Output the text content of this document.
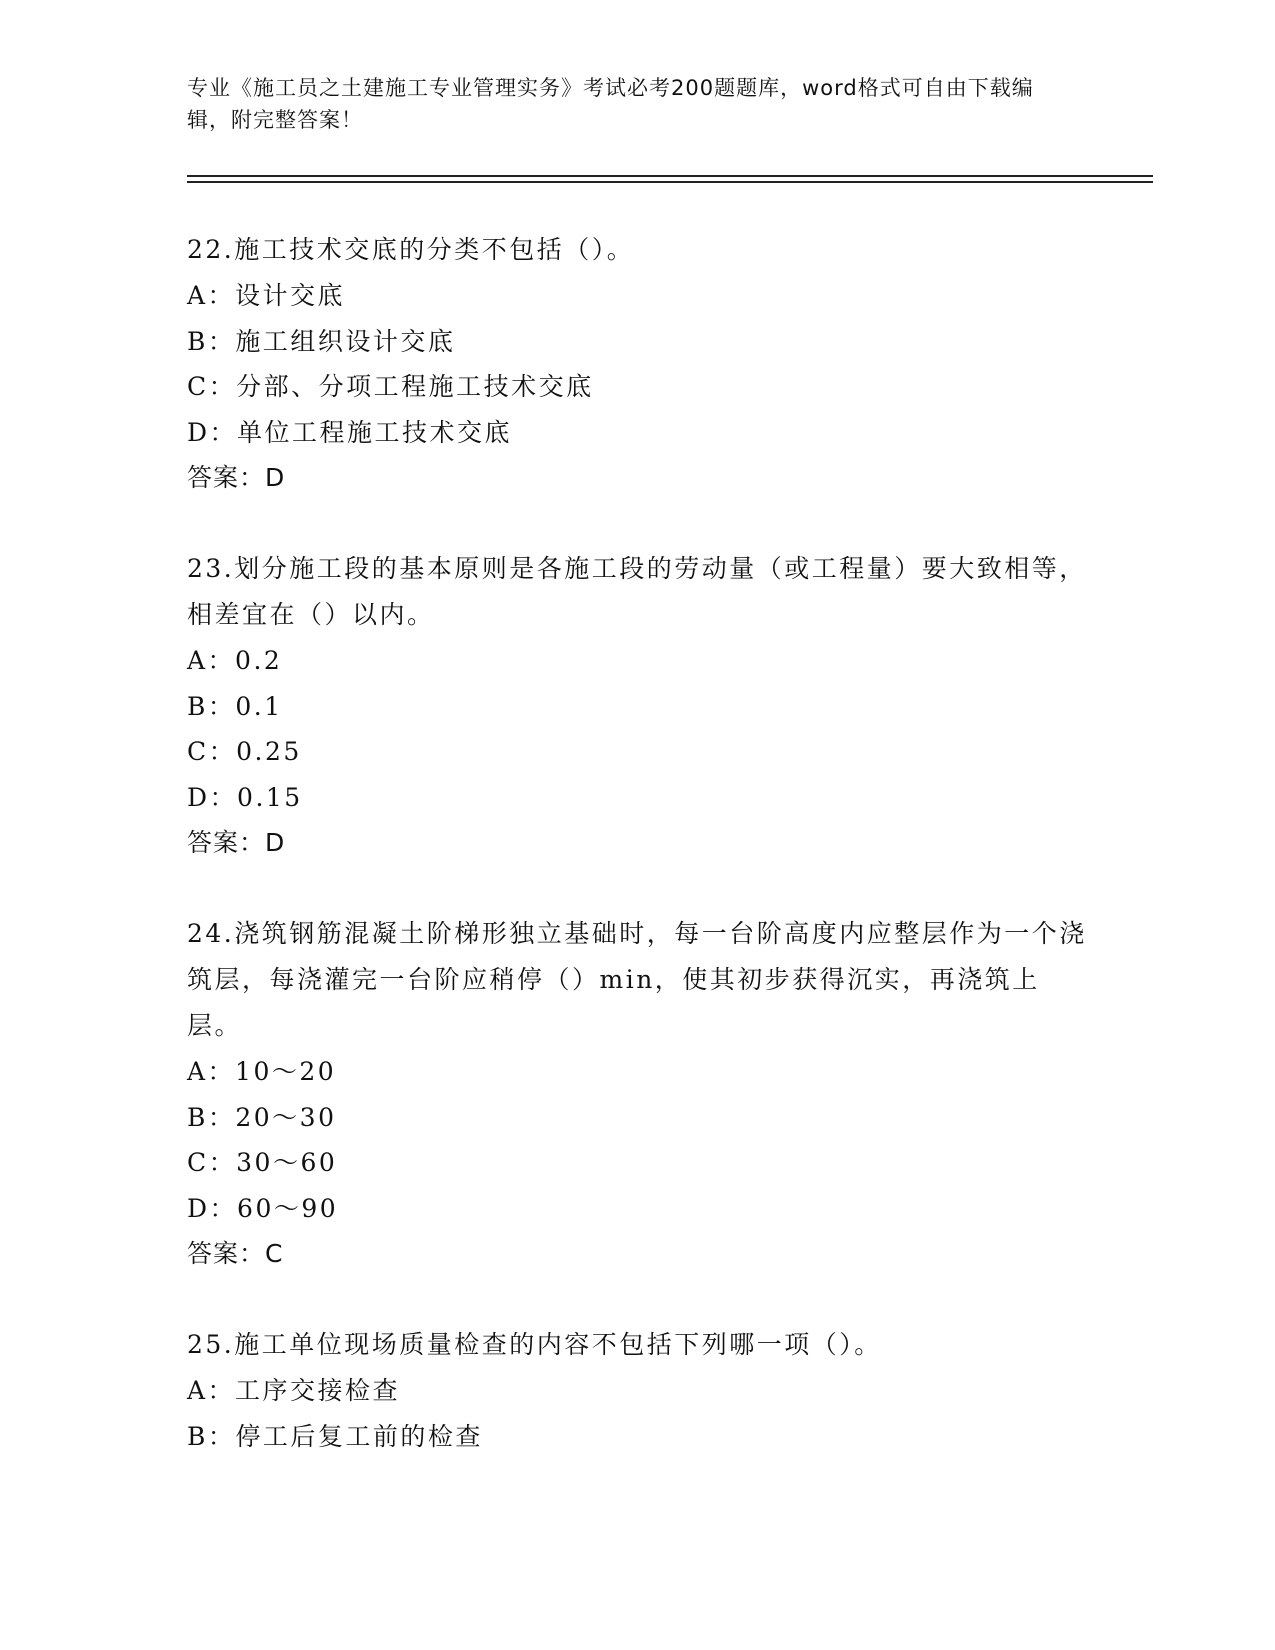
专业《施工员之土建施工专业管理实务》考试必考200题题库，word格式可自由下载编辑，附完整答案！
22.施工技术交底的分类不包括（）。
A：设计交底
B：施工组织设计交底
C：分部、分项工程施工技术交底
D：单位工程施工技术交底
答案：D
23.划分施工段的基本原则是各施工段的劳动量（或工程量）要大致相等，相差宜在（）以内。
A：0.2
B：0.1
C：0.25
D：0.15
答案：D
24.浇筑钢筋混凝土阶梯形独立基础时，每一台阶高度内应整层作为一个浇筑层，每浇灌完一台阶应稍停（）min，使其初步获得沉实，再浇筑上层。
A：10～20
B：20～30
C：30～60
D：60～90
答案：C
25.施工单位现场质量检查的内容不包括下列哪一项（）。
A：工序交接检查
B：停工后复工前的检查
